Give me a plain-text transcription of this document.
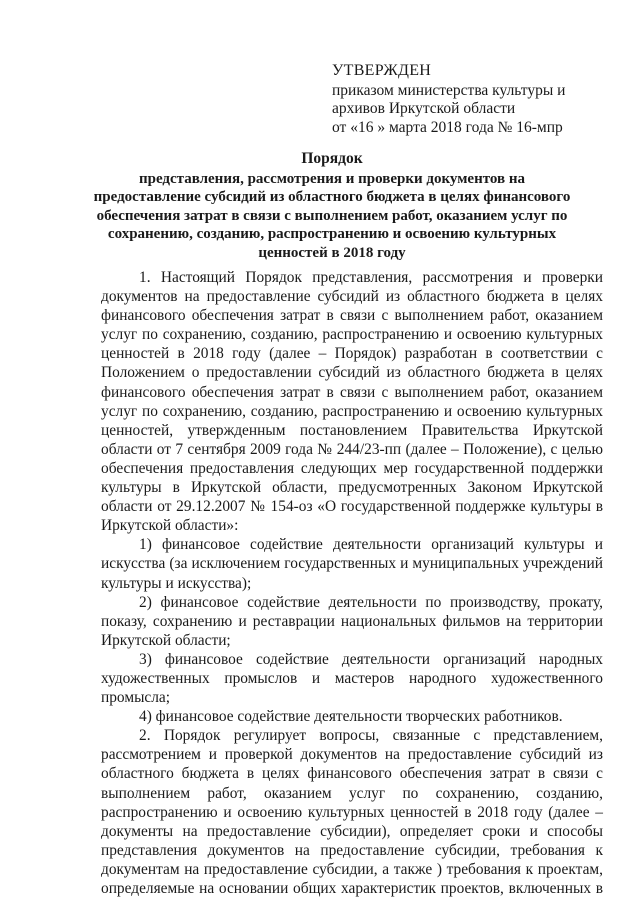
УТВЕРЖДЕН
приказом министерства культуры и
архивов Иркутской области
от «16 » марта 2018 года № 16-мпр
Порядок
представления, рассмотрения и проверки документов на
предоставление субсидий из областного бюджета в целях финансового
обеспечения затрат в связи с выполнением работ, оказанием услуг по
сохранению, созданию, распространению и освоению культурных
ценностей в 2018 году
1. Настоящий Порядок представления, рассмотрения и проверки
документов на предоставление субсидий из областного бюджета в целях
финансового обеспечения затрат в связи с выполнением работ, оказанием
услуг по сохранению, созданию, распространению и освоению культурных
ценностей в 2018 году (далее – Порядок) разработан в соответствии с
Положением о предоставлении субсидий из областного бюджета в целях
финансового обеспечения затрат в связи с выполнением работ, оказанием
услуг по сохранению, созданию, распространению и освоению культурных
ценностей, утвержденным постановлением Правительства Иркутской
области от 7 сентября 2009 года № 244/23-пп (далее – Положение), с целью
обеспечения предоставления следующих мер государственной поддержки
культуры в Иркутской области, предусмотренных Законом Иркутской
области от 29.12.2007 № 154-оз «О государственной поддержке культуры в
Иркутской области»:
1) финансовое содействие деятельности организаций культуры и
искусства (за исключением государственных и муниципальных учреждений
культуры и искусства);
2) финансовое содействие деятельности по производству, прокату,
показу, сохранению и реставрации национальных фильмов на территории
Иркутской области;
3) финансовое содействие деятельности организаций народных
художественных промыслов и мастеров народного художественного
промысла;
4) финансовое содействие деятельности творческих работников.
2. Порядок регулирует вопросы, связанные с представлением,
рассмотрением и проверкой документов на предоставление субсидий из
областного бюджета в целях финансового обеспечения затрат в связи с
выполнением работ, оказанием услуг по сохранению, созданию,
распространению и освоению культурных ценностей в 2018 году (далее –
документы на предоставление субсидии), определяет сроки и способы
представления документов на предоставление субсидии, требования к
документам на предоставление субсидии, а также ) требования к проектам,
определяемые на основании общих характеристик проектов, включенных в
